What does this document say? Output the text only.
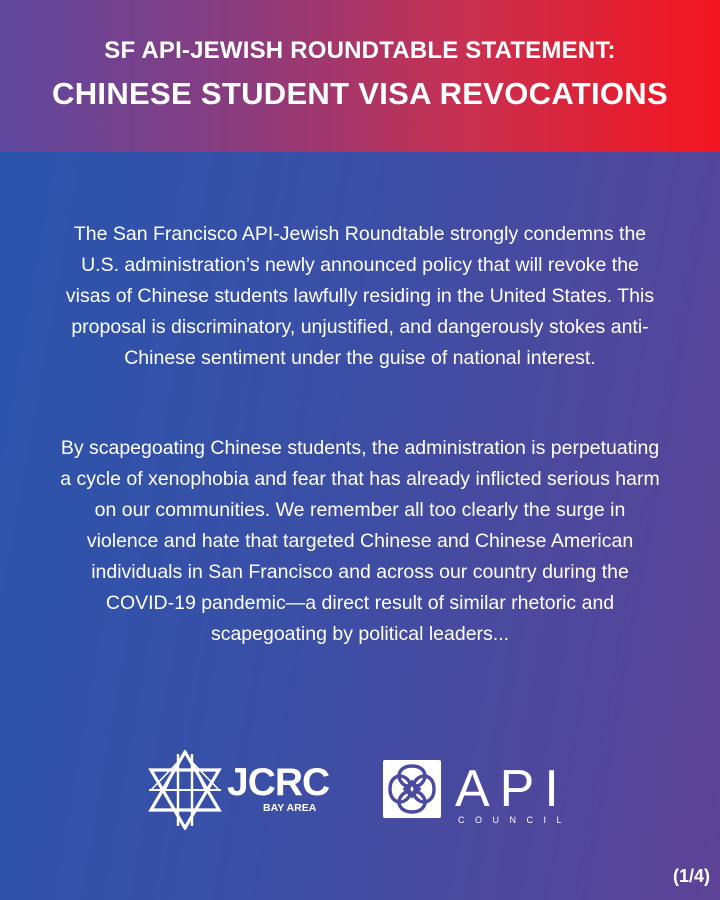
SF API-JEWISH ROUNDTABLE STATEMENT:
CHINESE STUDENT VISA REVOCATIONS
The San Francisco API-Jewish Roundtable strongly condemns the U.S. administration’s newly announced policy that will revoke the visas of Chinese students lawfully residing in the United States. This proposal is discriminatory, unjustified, and dangerously stokes anti-Chinese sentiment under the guise of national interest.
By scapegoating Chinese students, the administration is perpetuating a cycle of xenophobia and fear that has already inflicted serious harm on our communities. We remember all too clearly the surge in violence and hate that targeted Chinese and Chinese American individuals in San Francisco and across our country during the COVID-19 pandemic—a direct result of similar rhetoric and scapegoating by political leaders...
JCRC
BAY AREA	API
COUNCIL
(1/4)
